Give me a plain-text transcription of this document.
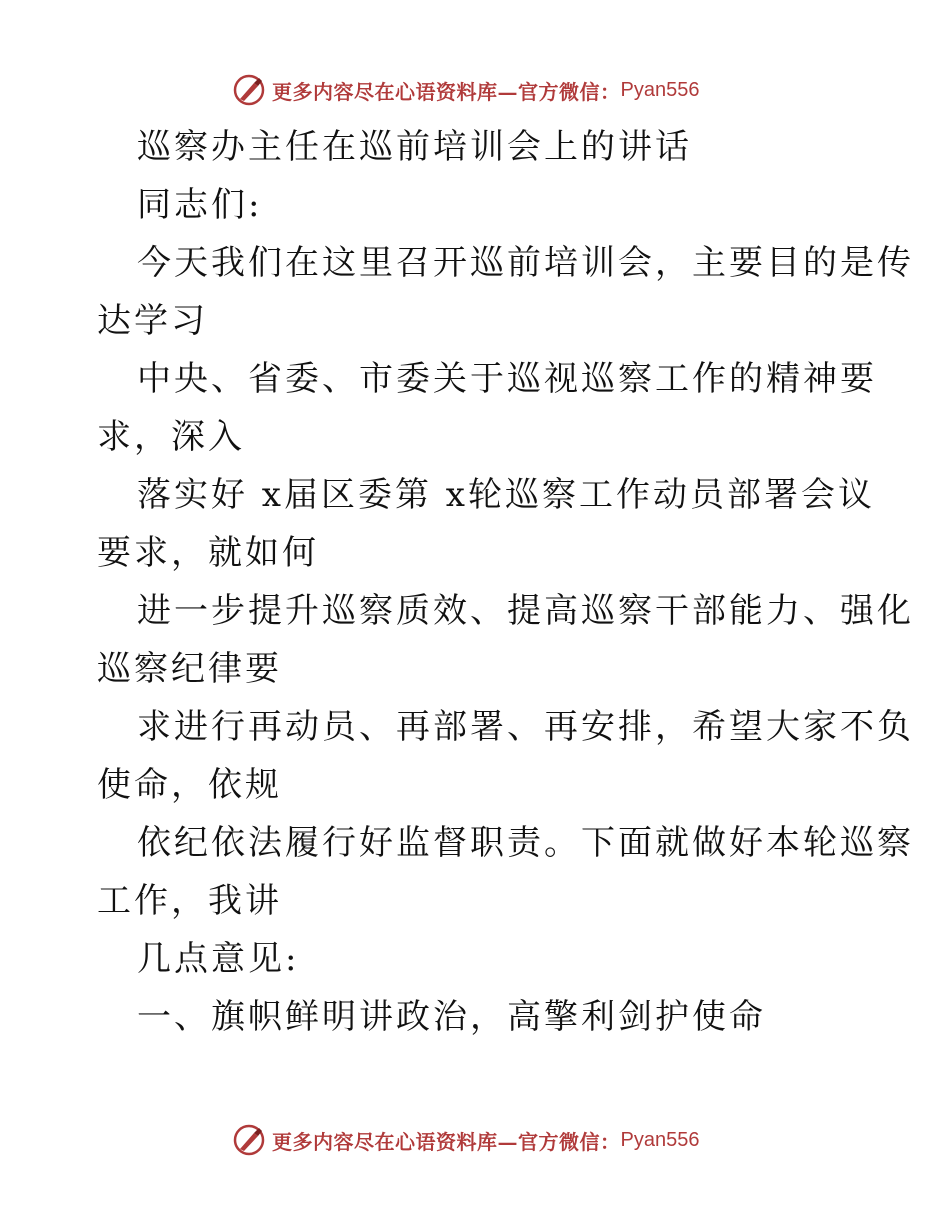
更多内容尽在心语资料库—官方微信： Pyan556
巡察办主任在巡前培训会上的讲话
同志们:
今天我们在这里召开巡前培训会，主要目的是传
达学习
中央、省委、市委关于巡视巡察工作的精神要
求，深入
落实好 x届区委第 x轮巡察工作动员部署会议
要求，就如何
进一步提升巡察质效、提高巡察干部能力、强化
巡察纪律要
求进行再动员、再部署、再安排，希望大家不负
使命，依规
依纪依法履行好监督职责。下面就做好本轮巡察
工作，我讲
几点意见:
一、旗帜鲜明讲政治，高擎利剑护使命
更多内容尽在心语资料库—官方微信： Pyan556
